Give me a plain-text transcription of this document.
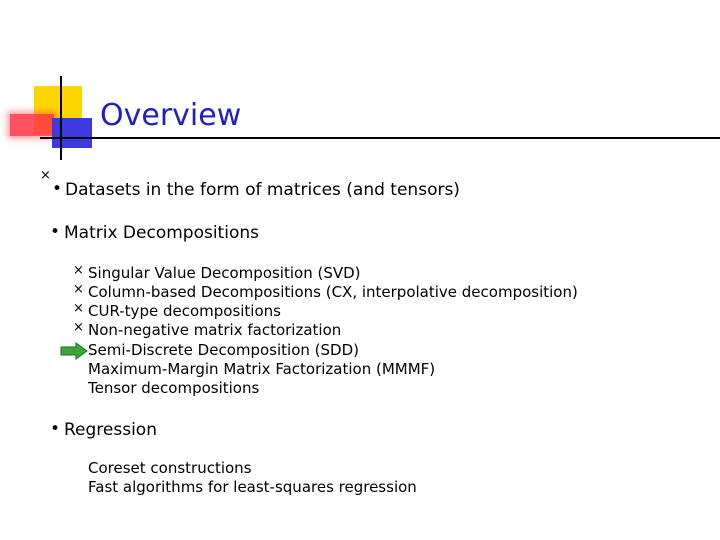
Overview
×
• Datasets in the form of matrices (and tensors)
• Matrix Decompositions
× Singular Value Decomposition (SVD)
× Column-based Decompositions (CX, interpolative decomposition)
× CUR-type decompositions
× Non-negative matrix factorization
Semi-Discrete Decomposition (SDD)
Maximum-Margin Matrix Factorization (MMMF)
Tensor decompositions
• Regression
Coreset constructions
Fast algorithms for least-squares regression
